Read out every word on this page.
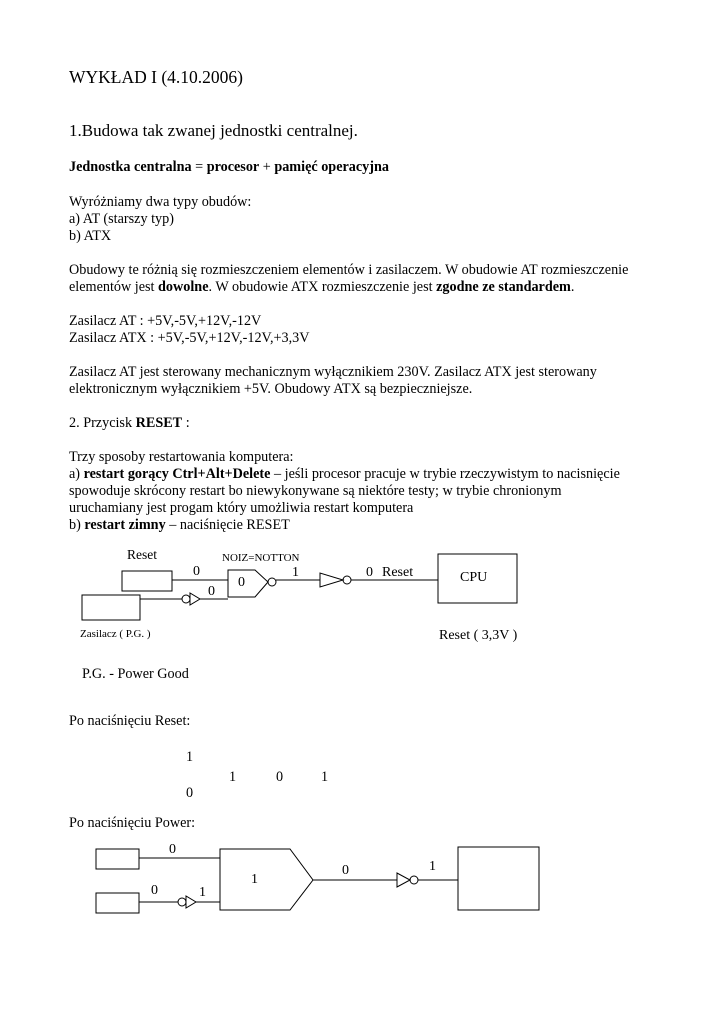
WYKŁAD I (4.10.2006)
1.Budowa tak zwanej jednostki centralnej.
Jednostka centralna = procesor + pamięć operacyjna
Wyróżniamy dwa typy obudów:
a) AT (starszy typ)
b) ATX
Obudowy te różnią się rozmieszczeniem elementów i zasilaczem. W obudowie AT rozmieszczenie
elementów jest dowolne. W obudowie ATX rozmieszczenie jest zgodne ze standardem.
Zasilacz AT : +5V,-5V,+12V,-12V
Zasilacz ATX : +5V,-5V,+12V,-12V,+3,3V
Zasilacz AT jest sterowany mechanicznym wyłącznikiem 230V. Zasilacz ATX jest sterowany
elektronicznym wyłącznikiem +5V. Obudowy ATX są bezpieczniejsze.
2. Przycisk RESET :
Trzy sposoby restartowania komputera:
a) restart gorący Ctrl+Alt+Delete – jeśli procesor pracuje w trybie rzeczywistym to nacisnięcie
spowoduje skrócony restart bo niewykonywane są niektóre testy; w trybie chronionym
uruchamiany jest progam który umożliwia restart komputera
b) restart zimny – naciśnięcie RESET
Reset	NOIZ=NOTTON
0
0
0
1	0 Reset	CPU
Zasilacz ( P.G. )	Reset ( 3,3V )
P.G. - Power Good
Po naciśnięciu Reset:
1
1	0	1
0
Po naciśnięciu Power:
0
0	1
1
0	1
